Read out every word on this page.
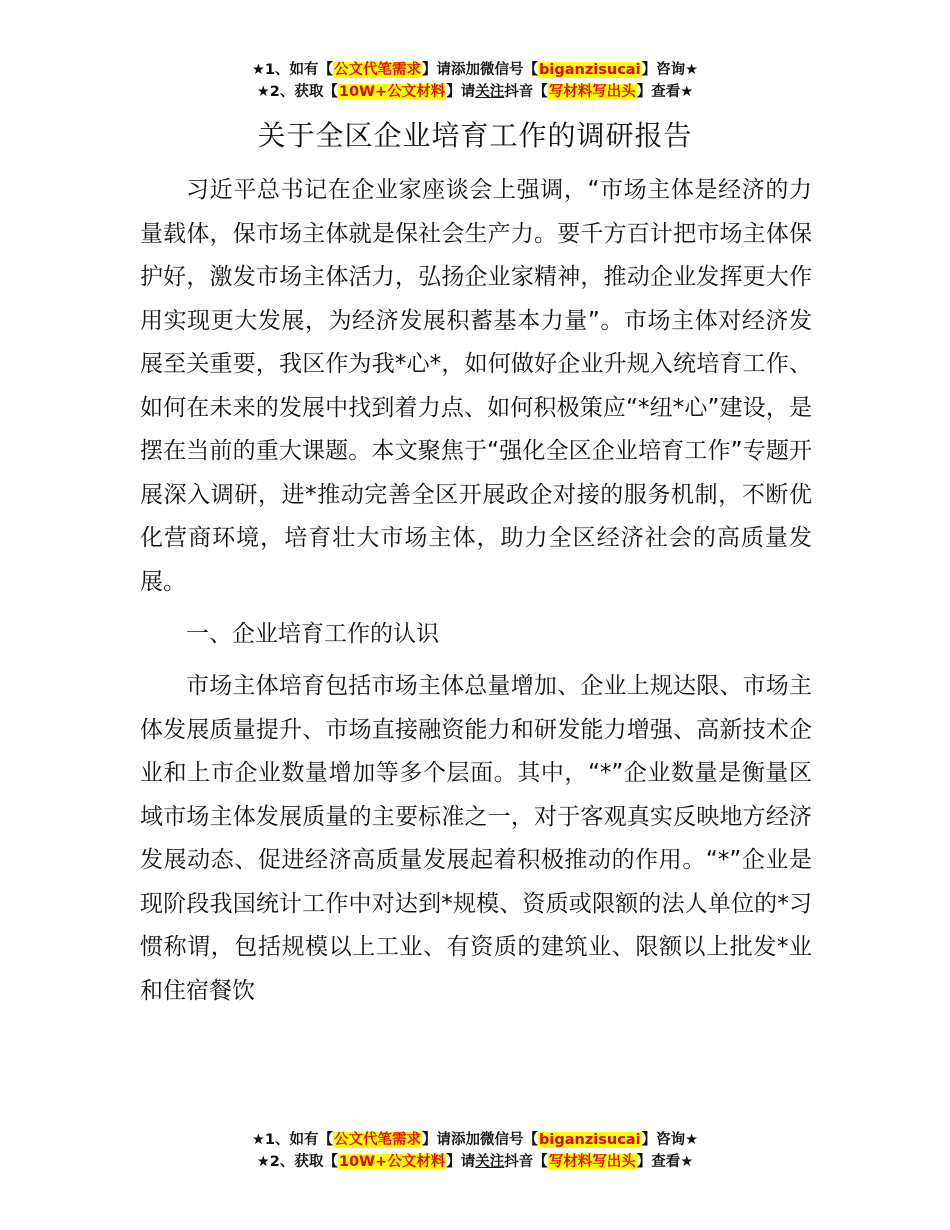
★1、如有【公文代笔需求】请添加微信号【biganzisucai】咨询★
★2、获取【10W+公文材料】请关注抖音【写材料写出头】查看★
关于全区企业培育工作的调研报告

习近平总书记在企业家座谈会上强调，“市场主体是经济的力量载体，保市场主体就是保社会生产力。要千方百计把市场主体保护好，激发市场主体活力，弘扬企业家精神，推动企业发挥更大作用实现更大发展，为经济发展积蓄基本力量”。市场主体对经济发展至关重要，我区作为我*心*，如何做好企业升规入统培育工作、如何在未来的发展中找到着力点、如何积极策应“*纽*心”建设，是摆在当前的重大课题。本文聚焦于“强化全区企业培育工作”专题开展深入调研，进*推动完善全区开展政企对接的服务机制，不断优化营商环境，培育壮大市场主体，助力全区经济社会的高质量发展。

一、企业培育工作的认识

市场主体培育包括市场主体总量增加、企业上规达限、市场主体发展质量提升、市场直接融资能力和研发能力增强、高新技术企业和上市企业数量增加等多个层面。其中，“*”企业数量是衡量区域市场主体发展质量的主要标准之一，对于客观真实反映地方经济发展动态、促进经济高质量发展起着积极推动的作用。“*”企业是现阶段我国统计工作中对达到*规模、资质或限额的法人单位的*习惯称谓，包括规模以上工业、有资质的建筑业、限额以上批发*业和住宿餐饮

★1、如有【公文代笔需求】请添加微信号【biganzisucai】咨询★
★2、获取【10W+公文材料】请关注抖音【写材料写出头】查看★
